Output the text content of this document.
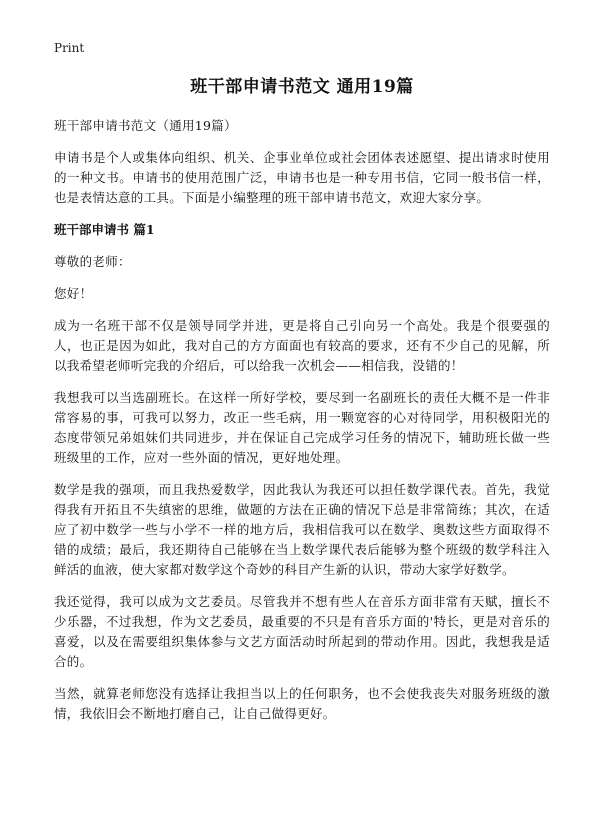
Print
班干部申请书范文 通用19篇

班干部申请书范文（通用19篇）

申请书是个人或集体向组织、机关、企事业单位或社会团体表述愿望、提出请求时使用的一种文书。申请书的使用范围广泛，申请书也是一种专用书信，它同一般书信一样，也是表情达意的工具。下面是小编整理的班干部申请书范文，欢迎大家分享。

班干部申请书 篇1

尊敬的老师：

您好！

成为一名班干部不仅是领导同学并进，更是将自己引向另一个高处。我是个很要强的人，也正是因为如此，我对自己的方方面面也有较高的要求，还有不少自己的见解，所以我希望老师听完我的介绍后，可以给我一次机会——相信我，没错的！

我想我可以当选副班长。在这样一所好学校，要尽到一名副班长的责任大概不是一件非常容易的事，可我可以努力，改正一些毛病，用一颗宽容的心对待同学，用积极阳光的态度带领兄弟姐妹们共同进步，并在保证自己完成学习任务的情况下，辅助班长做一些班级里的工作，应对一些外面的情况，更好地处理。

数学是我的强项，而且我热爱数学，因此我认为我还可以担任数学课代表。首先，我觉得我有开拓且不失缜密的思维，做题的方法在正确的情况下总是非常简练；其次，在适应了初中数学一些与小学不一样的地方后，我相信我可以在数学、奥数这些方面取得不错的成绩；最后，我还期待自己能够在当上数学课代表后能够为整个班级的数学科注入鲜活的血液，使大家都对数学这个奇妙的科目产生新的认识，带动大家学好数学。

我还觉得，我可以成为文艺委员。尽管我并不想有些人在音乐方面非常有天赋，擅长不少乐器，不过我想，作为文艺委员，最重要的不只是有音乐方面的'特长，更是对音乐的喜爱，以及在需要组织集体参与文艺方面活动时所起到的带动作用。因此，我想我是适合的。

当然，就算老师您没有选择让我担当以上的任何职务，也不会使我丧失对服务班级的激情，我依旧会不断地打磨自己，让自己做得更好。
